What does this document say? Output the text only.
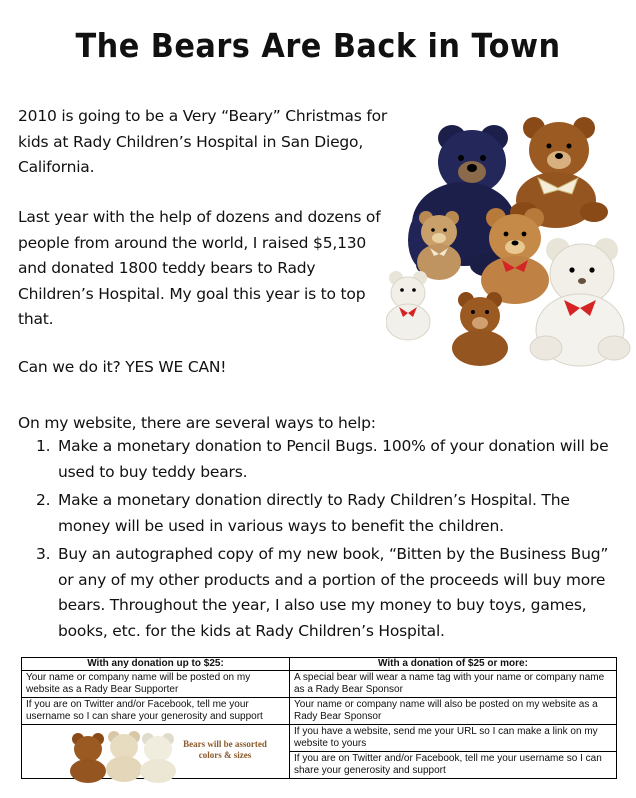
The Bears Are Back in Town
2010 is going to be a Very “Beary” Christmas for kids at Rady Children’s Hospital in San Diego, California.
Last year with the help of dozens and dozens of people from around the world, I raised $5,130 and donated 1800 teddy bears to Rady Children’s Hospital. My goal this year is to top that.
Can we do it? YES WE CAN!
On my website, there are several ways to help:
1. Make a monetary donation to Pencil Bugs. 100% of your donation will be used to buy teddy bears.
2. Make a monetary donation directly to Rady Children’s Hospital. The money will be used in various ways to benefit the children.
3. Buy an autographed copy of my new book, “Bitten by the Business Bug” or any of my other products and a portion of the proceeds will buy more bears. Throughout the year, I also use my money to buy toys, games, books, etc. for the kids at Rady Children’s Hospital.
With any donation up to $25:	With a donation of $25 or more:
Your name or company name will be posted on my website as a Rady Bear Supporter	A special bear will wear a name tag with your name or company name as a Rady Bear Sponsor
If you are on Twitter and/or Facebook, tell me your username so I can share your generosity and support	Your name or company name will also be posted on my website as a Rady Bear Sponsor

Bears will be assorted colors & sizes	If you have a website, send me your URL so I can make a link on my website to yours
	If you are on Twitter and/or Facebook, tell me your username so I can share your generosity and support
